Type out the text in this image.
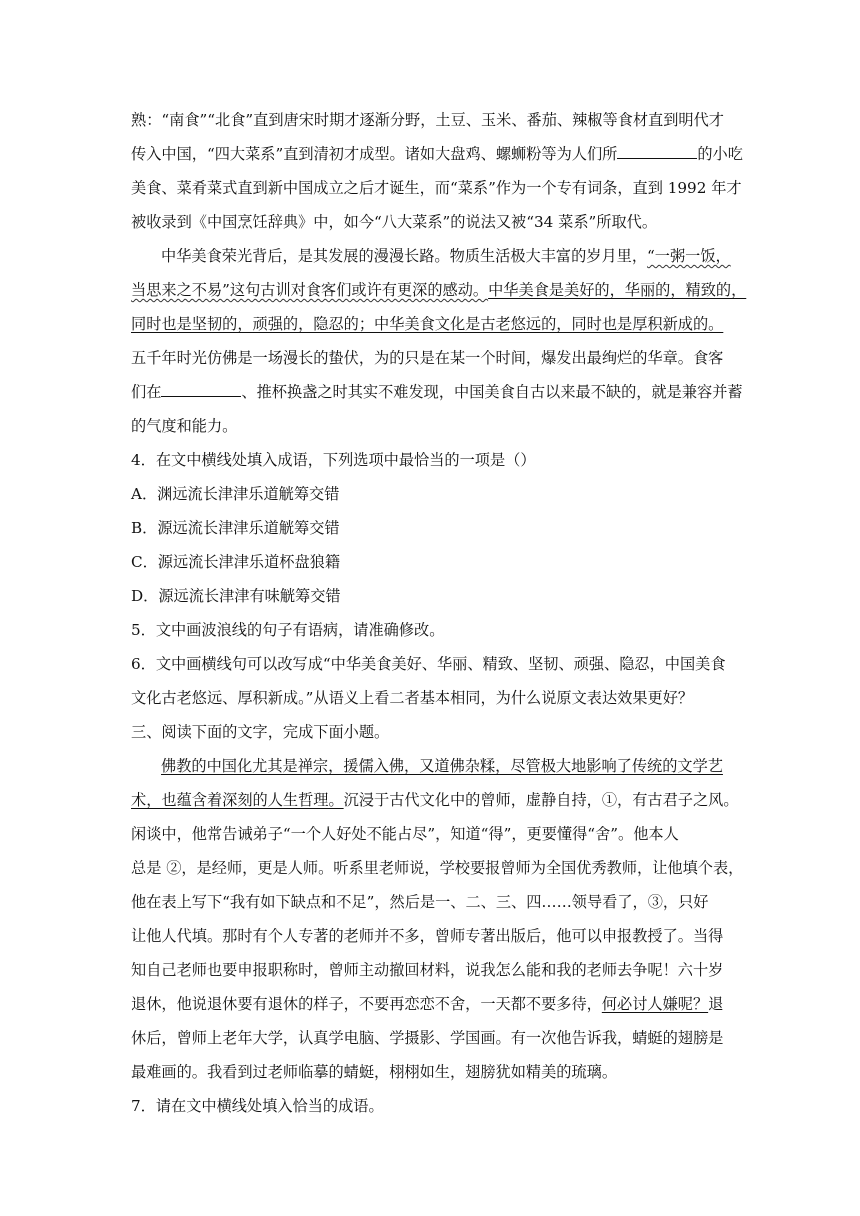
熟：“南食”“北食”直到唐宋时期才逐渐分野，土豆、玉米、番茄、辣椒等食材直到明代才
传入中国，“四大菜系”直到清初才成型。诸如大盘鸡、螺蛳粉等为人们所	的小吃
美食、菜肴菜式直到新中国成立之后才诞生，而“菜系”作为一个专有词条，直到 1992 年才
被收录到《中国烹饪辞典》中，如今“八大菜系”的说法又被“34 菜系”所取代。
中华美食荣光背后，是其发展的漫漫长路。物质生活极大丰富的岁月里，“一粥一饭，
当思来之不易”这句古训对食客们或许有更深的感动。中华美食是美好的，华丽的，精致的，
同时也是坚韧的，顽强的，隐忍的；中华美食文化是古老悠远的，同时也是厚积新成的。
五千年时光仿佛是一场漫长的蛰伏，为的只是在某一个时间，爆发出最绚烂的华章。食客
们在	、推杯换盏之时其实不难发现，中国美食自古以来最不缺的，就是兼容并蓄
的气度和能力。
4．在文中横线处填入成语，下列选项中最恰当的一项是（）
A．渊远流长津津乐道觥筹交错
B．源远流长津津乐道觥筹交错
C．源远流长津津乐道杯盘狼籍
D．源远流长津津有味觥筹交错
5．文中画波浪线的句子有语病，请准确修改。
6．文中画横线句可以改写成“中华美食美好、华丽、精致、坚韧、顽强、隐忍，中国美食
文化古老悠远、厚积新成。”从语义上看二者基本相同，为什么说原文表达效果更好？
三、阅读下面的文字，完成下面小题。
佛教的中国化尤其是禅宗，援儒入佛，又道佛杂糅，尽管极大地影响了传统的文学艺
术，也蕴含着深刻的人生哲理。沉浸于古代文化中的曾师，虚静自持，①，有古君子之风。
闲谈中，他常告诫弟子“一个人好处不能占尽”，知道“得”，更要懂得“舍”。他本人
总是 ②，是经师，更是人师。听系里老师说，学校要报曾师为全国优秀教师，让他填个表，
他在表上写下“我有如下缺点和不足”，然后是一、二、三、四……领导看了，③，只好
让他人代填。那时有个人专著的老师并不多，曾师专著出版后，他可以申报教授了。当得
知自己老师也要申报职称时，曾师主动撤回材料，说我怎么能和我的老师去争呢！六十岁
退休，他说退休要有退休的样子，不要再恋恋不舍，一天都不要多待，何必讨人嫌呢？退
休后，曾师上老年大学，认真学电脑、学摄影、学国画。有一次他告诉我，蜻蜓的翅膀是
最难画的。我看到过老师临摹的蜻蜓，栩栩如生，翅膀犹如精美的琉璃。
7．请在文中横线处填入恰当的成语。
